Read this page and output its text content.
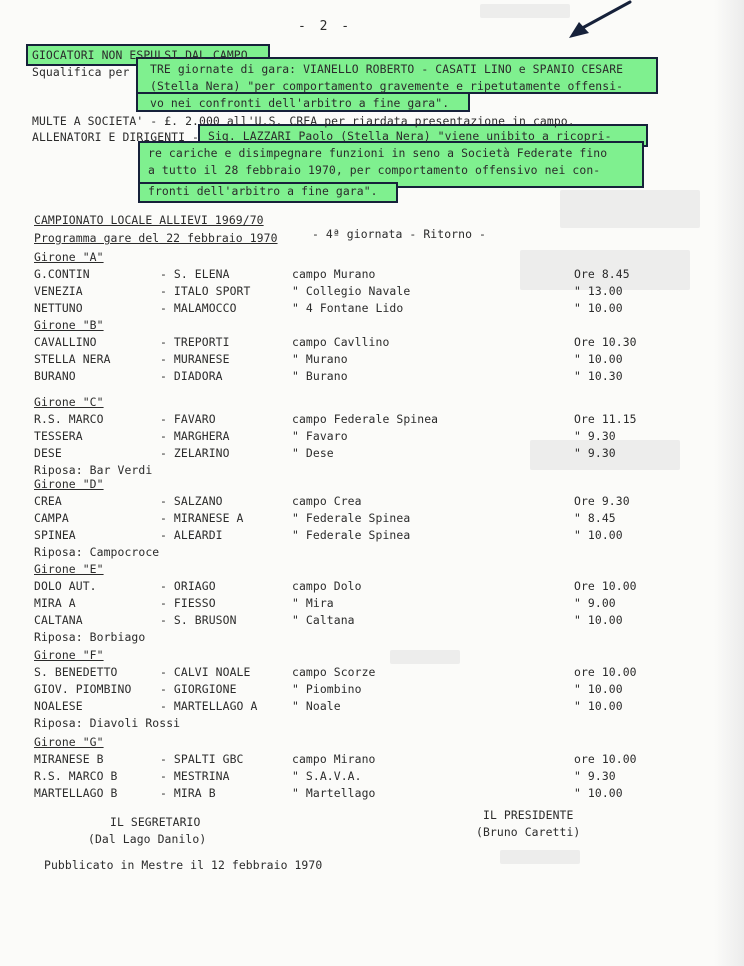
- 2 -
GIOCATORI NON ESPULSI DAL CAMPO
Squalifica per TRE giornate di gara: VIANELLO ROBERTO - CASATI LINO e SPANIO CESARE
(Stella Nera) "per comportamento gravemente e ripetutamente offensi-
vo nei confronti dell'arbitro a fine gara".
MULTE A SOCIETA' - £. 2.000 all'U.S. CREA per riardata presentazione in campo.
ALLENATORI E DIRIGENTI - Sig. LAZZARI Paolo (Stella Nera) "viene unibito a ricopri-
re cariche e disimpegnare funzioni in seno a Società Federate fino
a tutto il 28 febbraio 1970, per comportamento offensivo nei con-
fronti dell'arbitro a fine gara".
CAMPIONATO LOCALE ALLIEVI 1969/70
Programma gare del 22 febbraio 1970	- 4ª giornata - Ritorno -
Girone "A"
G.CONTIN	- S. ELENA	campo Murano	Ore 8.45
VENEZIA	- ITALO SPORT	" Collegio Navale	" 13.00
NETTUNO	- MALAMOCCO	" 4 Fontane Lido	" 10.00
Girone "B"
CAVALLINO	- TREPORTI	campo Cavllino	Ore 10.30
STELLA NERA	- MURANESE	" Murano	" 10.00
BURANO	- DIADORA	" Burano	" 10.30
Girone "C"
R.S. MARCO	- FAVARO	campo Federale Spinea	Ore 11.15
TESSERA	- MARGHERA	" Favaro	" 9.30
DESE	- ZELARINO	" Dese	" 9.30
Riposa: Bar Verdi
Girone "D"
CREA	- SALZANO	campo Crea	Ore 9.30
CAMPA	- MIRANESE A	" Federale Spinea	" 8.45
SPINEA	- ALEARDI	" Federale Spinea	" 10.00
Riposa: Campocroce
Girone "E"
DOLO AUT.	- ORIAGO	campo Dolo	Ore 10.00
MIRA A	- FIESSO	" Mira	" 9.00
CALTANA	- S. BRUSON	" Caltana	" 10.00
Riposa: Borbiago
Girone "F"
S. BENEDETTO	- CALVI NOALE	campo Scorze	ore 10.00
GIOV. PIOMBINO	- GIORGIONE	" Piombino	" 10.00
NOALESE	- MARTELLAGO A	" Noale	" 10.00
Riposa: Diavoli Rossi
Girone "G"
MIRANESE B	- SPALTI GBC	campo Mirano	ore 10.00
R.S. MARCO B	- MESTRINA	" S.A.V.A.	" 9.30
MARTELLAGO B	- MIRA B	" Martellago	" 10.00
IL SEGRETARIO
(Dal Lago Danilo)
IL PRESIDENTE
(Bruno Caretti)
Pubblicato in Mestre il 12 febbraio 1970
